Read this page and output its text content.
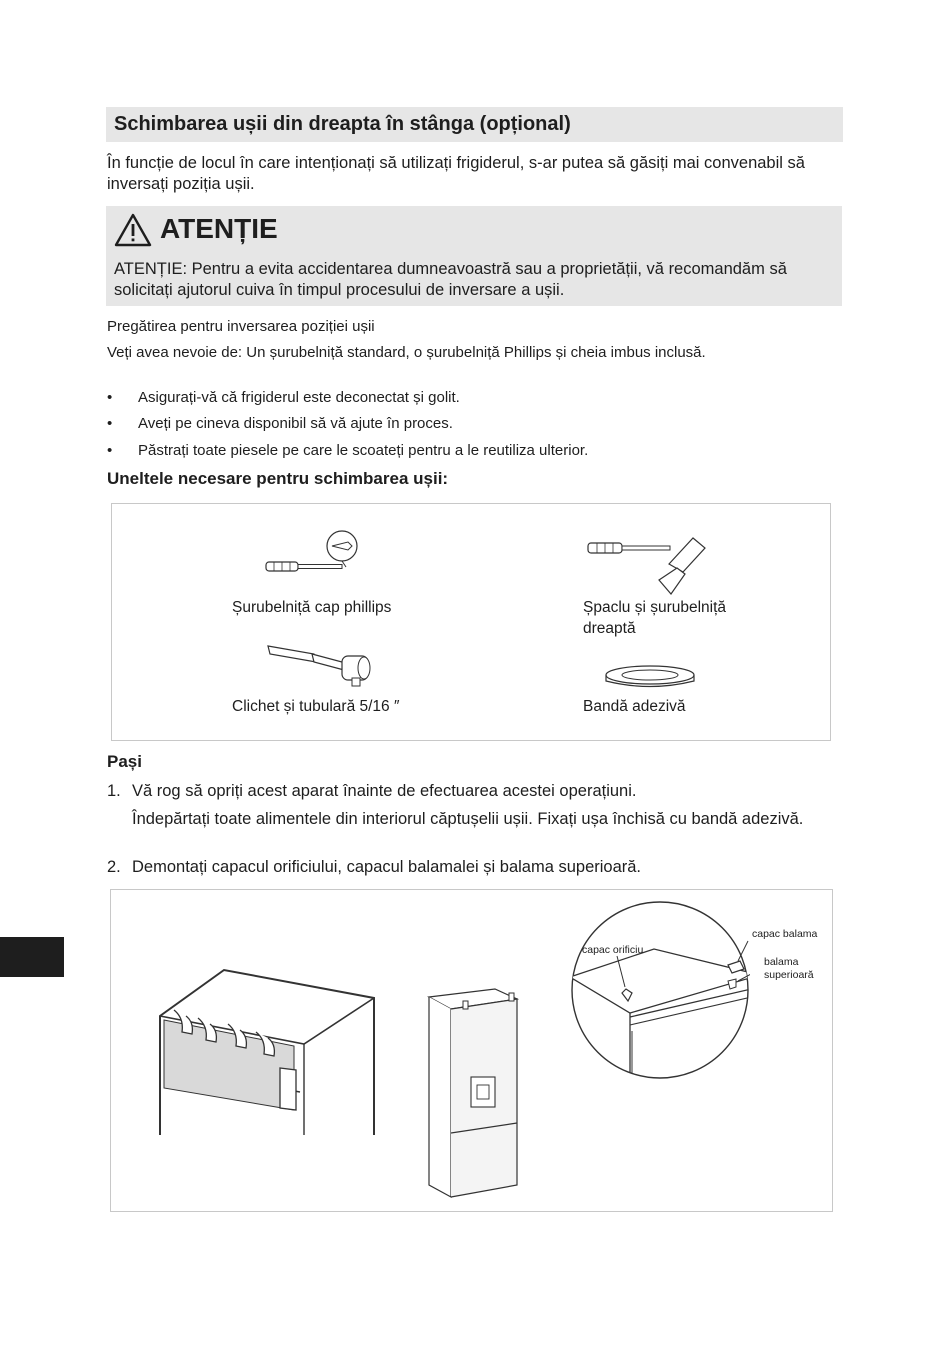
Schimbarea ușii din dreapta în stânga (opțional)
În funcție de locul în care intenționați să utilizați frigiderul, s-ar putea să găsiți mai convenabil să inversați poziția ușii.
ATENȚIE
ATENȚIE: Pentru a evita accidentarea dumneavoastră sau a proprietății, vă recomandăm să solicitați ajutorul cuiva în timpul procesului de inversare a ușii.
Pregătirea pentru inversarea poziției ușii
Veți avea nevoie de: Un șurubelniță standard, o șurubelniță Phillips și cheia imbus inclusă.
• Asigurați-vă că frigiderul este deconectat și golit.
• Aveți pe cineva disponibil să vă ajute în proces.
• Păstrați toate piesele pe care le scoateți pentru a le reutiliza ulterior.
Uneltele necesare pentru schimbarea ușii:
Șurubelniță cap phillips	Șpaclu și șurubelniță dreaptă
Clichet și tubulară 5/16 ″	Bandă adezivă
Pași
1. Vă rog să opriți acest aparat înainte de efectuarea acestei operațiuni.
Îndepărtați toate alimentele din interiorul căptușelii ușii. Fixați ușa închisă cu bandă adezivă.
2. Demontați capacul orificiului, capacul balamalei și balama superioară.
capac orificiu
capac balama
balama superioară
